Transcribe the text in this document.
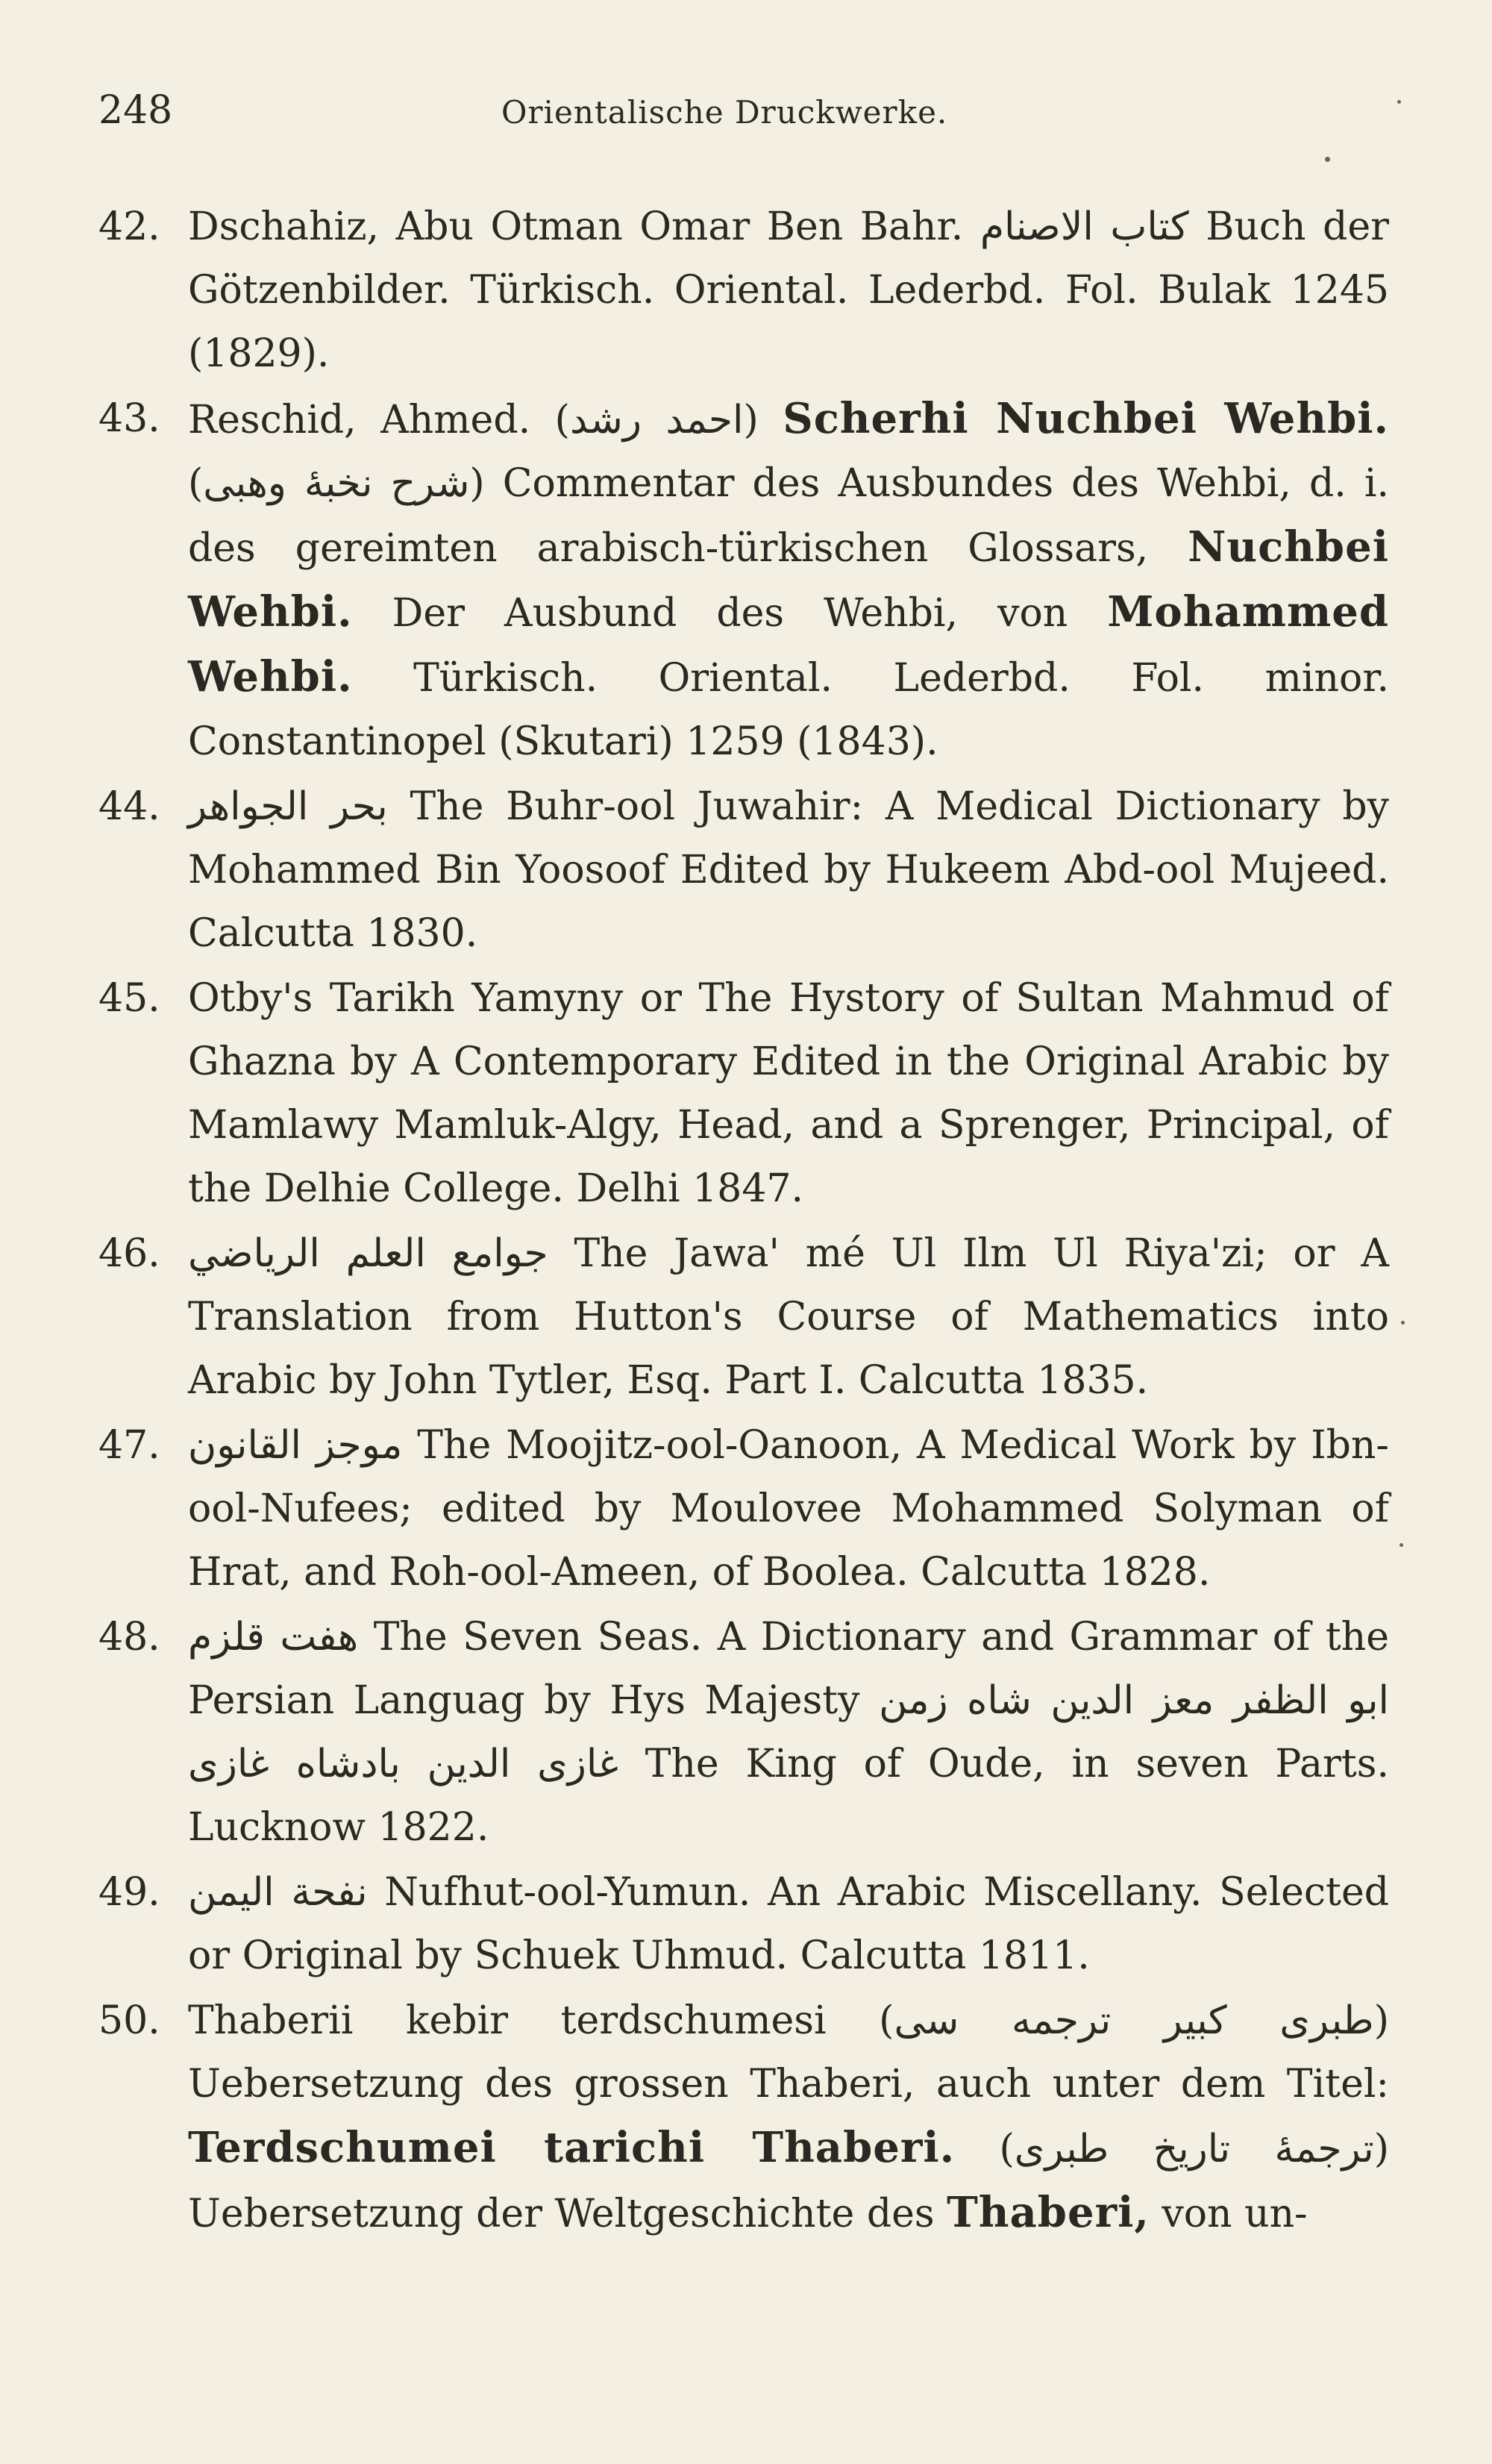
248	Orientalische Druckwerke.
42. Dschahiz, Abu Otman Omar Ben Bahr. كتاب الاصنام Buch der Götzenbilder. Türkisch. Oriental. Lederbd. Fol. Bulak 1245 (1829).
43. Reschid, Ahmed. (احمد رشد) Scherhi Nuchbei Wehbi. (شرح نخبهٔ وهبی) Commentar des Ausbundes des Wehbi, d. i. des gereimten arabisch-türkischen Glossars, Nuchbei Wehbi. Der Ausbund des Wehbi, von Mohammed Wehbi. Türkisch. Oriental. Lederbd. Fol. minor. Constantinopel (Skutari) 1259 (1843).
44. بحر الجواهر The Buhr-ool Juwahir: A Medical Dictionary by Mohammed Bin Yoosoof Edited by Hukeem Abd-ool Mujeed. Calcutta 1830.
45. Otby's Tarikh Yamyny or The Hystory of Sultan Mahmud of Ghazna by A Contemporary Edited in the Original Arabic by Mamlawy Mamluk-Algy, Head, and a Sprenger, Principal, of the Delhie College. Delhi 1847.
46. جوامع العلم الرياضي The Jawa' mé Ul Ilm Ul Riya'zi; or A Translation from Hutton's Course of Mathematics into Arabic by John Tytler, Esq. Part I. Calcutta 1835.
47. موجز القانون The Moojitz-ool-Oanoon, A Medical Work by Ibn-ool-Nufees; edited by Moulovee Mohammed Solyman of Hrat, and Roh-ool-Ameen, of Boolea. Calcutta 1828.
48. هفت قلزم The Seven Seas. A Dictionary and Grammar of the Persian Languag by Hys Majesty ابو الظفر معز الدين شاه زمن غازى الدين بادشاه غازى The King of Oude, in seven Parts. Lucknow 1822.
49. نفحة اليمن Nufhut-ool-Yumun. An Arabic Miscellany. Selected or Original by Schuek Uhmud. Calcutta 1811.
50. Thaberii kebir terdschumesi (طبرى كبير ترجمه سى) Uebersetzung des grossen Thaberi, auch unter dem Titel: Terdschumei tarichi Thaberi. (ترجمهٔ تاريخ طبرى) Uebersetzung der Weltgeschichte des Thaberi, von un-
